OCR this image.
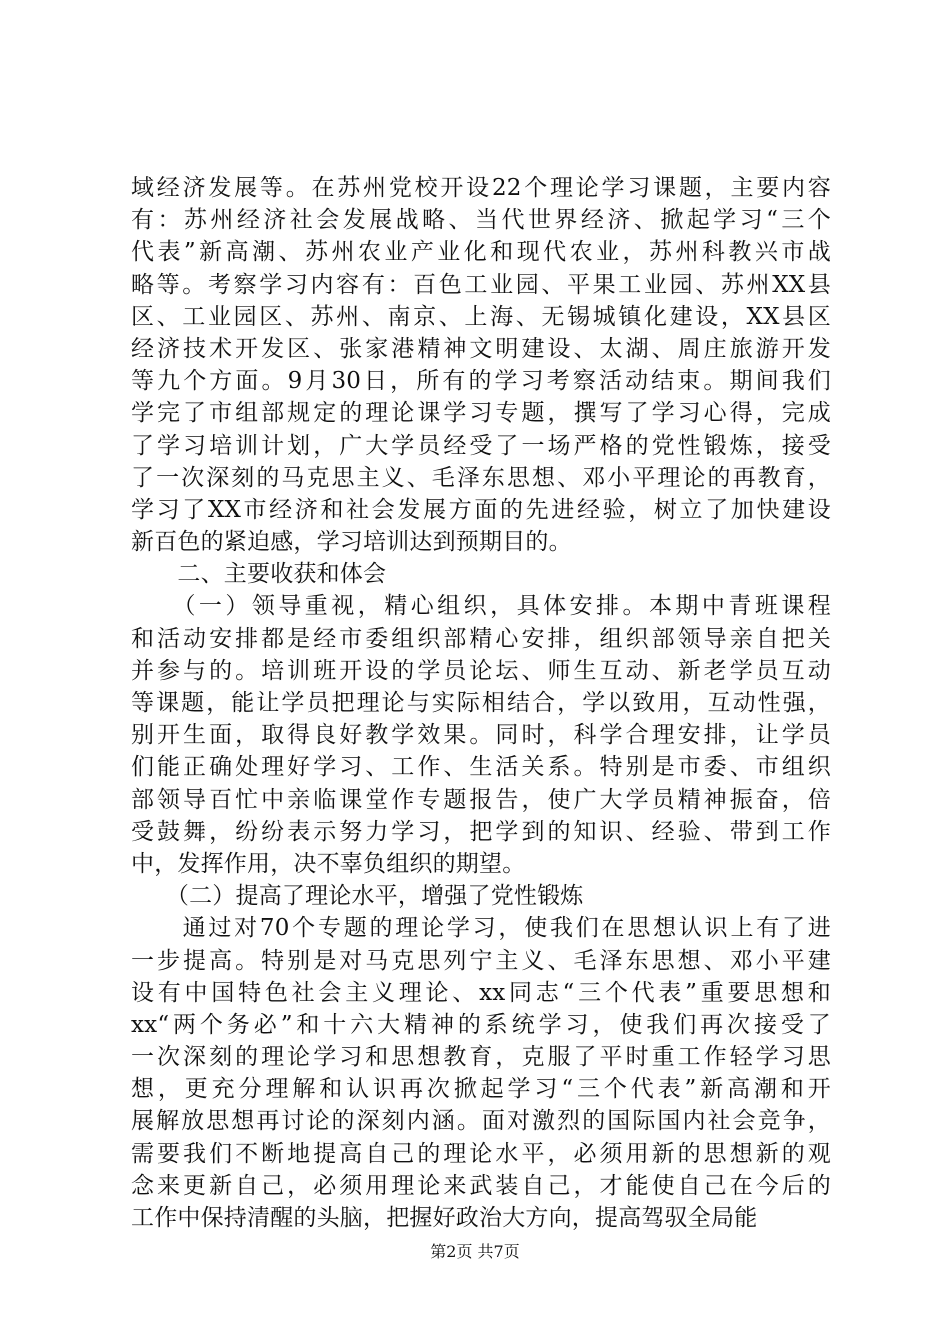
域经济发展等。在苏州党校开设22个理论学习课题，主要内容
有：苏州经济社会发展战略、当代世界经济、掀起学习“三个
代表”新高潮、苏州农业产业化和现代农业，苏州科教兴市战
略等。考察学习内容有：百色工业园、平果工业园、苏州XX县
区、工业园区、苏州、南京、上海、无锡城镇化建设，XX县区
经济技术开发区、张家港精神文明建设、太湖、周庄旅游开发
等九个方面。9月30日，所有的学习考察活动结束。期间我们
学完了市组部规定的理论课学习专题，撰写了学习心得，完成
了学习培训计划，广大学员经受了一场严格的党性锻炼，接受
了一次深刻的马克思主义、毛泽东思想、邓小平理论的再教育，
学习了XX市经济和社会发展方面的先进经验，树立了加快建设
新百色的紧迫感，学习培训达到预期目的。
　　二、主要收获和体会
　　（一）领导重视，精心组织，具体安排。本期中青班课程
和活动安排都是经市委组织部精心安排，组织部领导亲自把关
并参与的。培训班开设的学员论坛、师生互动、新老学员互动
等课题，能让学员把理论与实际相结合，学以致用，互动性强，
别开生面，取得良好教学效果。同时，科学合理安排，让学员
们能正确处理好学习、工作、生活关系。特别是市委、市组织
部领导百忙中亲临课堂作专题报告，使广大学员精神振奋，倍
受鼓舞，纷纷表示努力学习，把学到的知识、经验、带到工作
中，发挥作用，决不辜负组织的期望。
　　（二）提高了理论水平，增强了党性锻炼
　　通过对70个专题的理论学习，使我们在思想认识上有了进
一步提高。特别是对马克思列宁主义、毛泽东思想、邓小平建
设有中国特色社会主义理论、xx同志“三个代表”重要思想和
xx“两个务必”和十六大精神的系统学习，使我们再次接受了
一次深刻的理论学习和思想教育，克服了平时重工作轻学习思
想，更充分理解和认识再次掀起学习“三个代表”新高潮和开
展解放思想再讨论的深刻内涵。面对激烈的国际国内社会竞争，
需要我们不断地提高自己的理论水平，必须用新的思想新的观
念来更新自己，必须用理论来武装自己，才能使自己在今后的
工作中保持清醒的头脑，把握好政治大方向，提高驾驭全局能
第2页 共7页
